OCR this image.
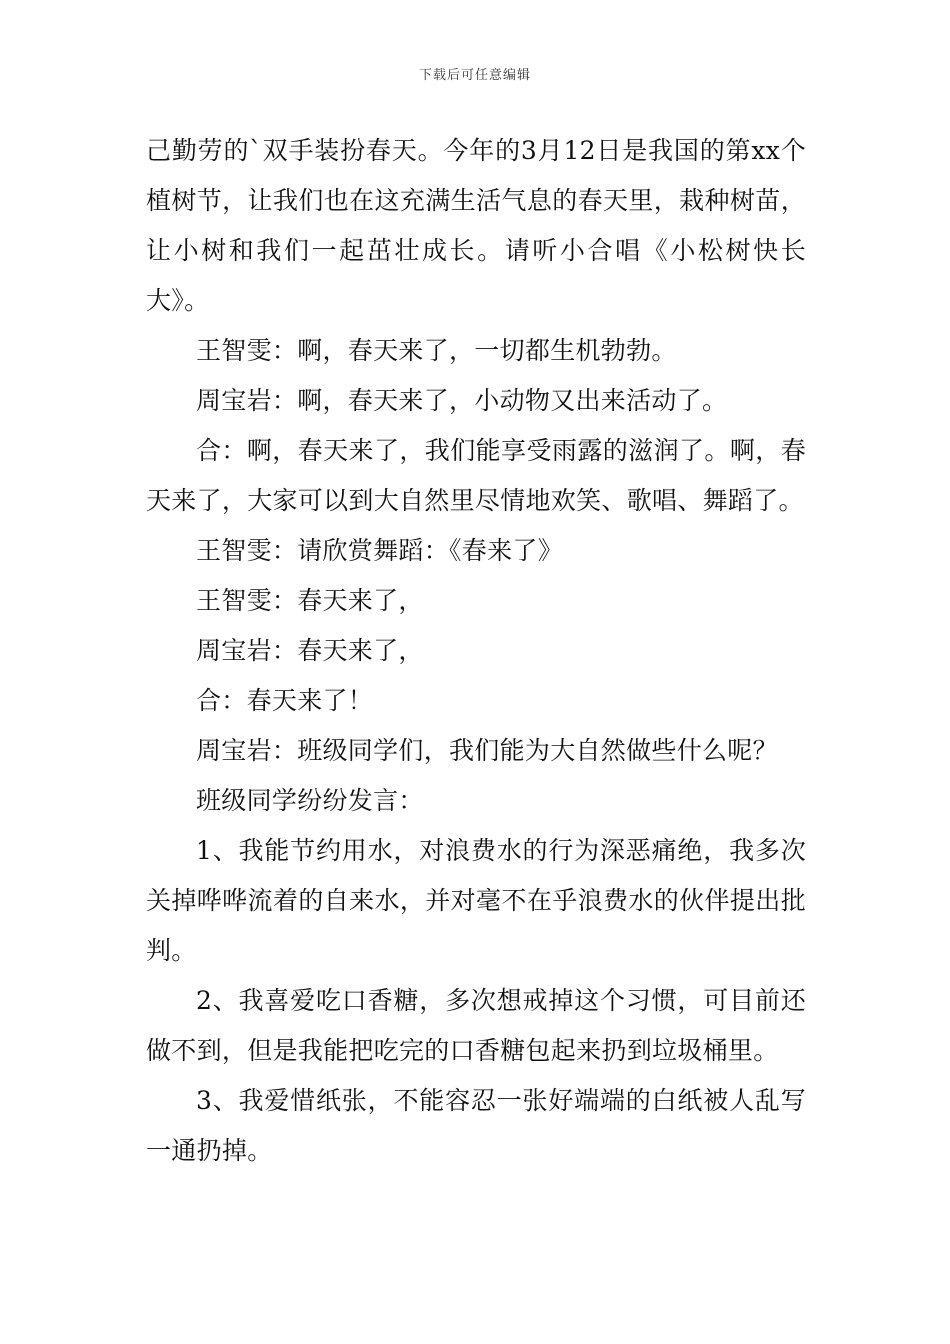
下载后可任意编辑

己勤劳的`双手装扮春天。今年的3月12日是我国的第xx个植树节，让我们也在这充满生活气息的春天里，栽种树苗，让小树和我们一起茁壮成长。请听小合唱《小松树快长大》。

王智雯：啊，春天来了，一切都生机勃勃。

周宝岩：啊，春天来了，小动物又出来活动了。

合：啊，春天来了，我们能享受雨露的滋润了。啊，春天来了，大家可以到大自然里尽情地欢笑、歌唱、舞蹈了。

王智雯：请欣赏舞蹈：《春来了》

王智雯：春天来了，

周宝岩：春天来了，

合：春天来了！

周宝岩：班级同学们，我们能为大自然做些什么呢？

班级同学纷纷发言：

1、我能节约用水，对浪费水的行为深恶痛绝，我多次关掉哗哗流着的自来水，并对毫不在乎浪费水的伙伴提出批判。

2、我喜爱吃口香糖，多次想戒掉这个习惯，可目前还做不到，但是我能把吃完的口香糖包起来扔到垃圾桶里。

3、我爱惜纸张，不能容忍一张好端端的白纸被人乱写一通扔掉。
